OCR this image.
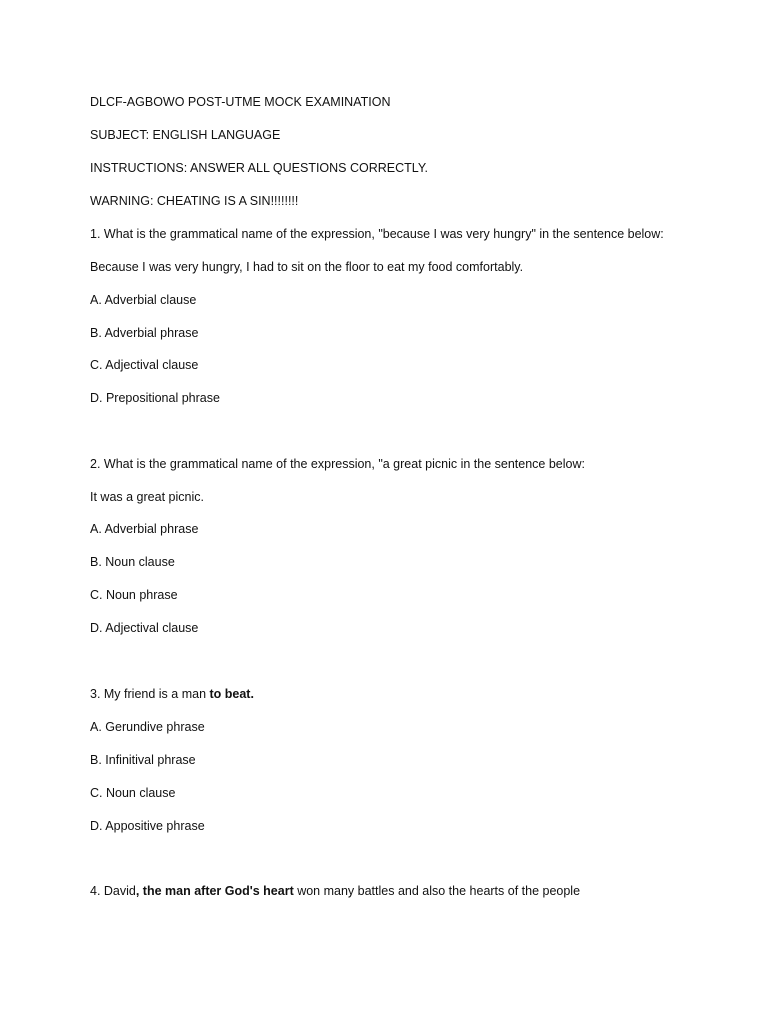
DLCF-AGBOWO POST-UTME MOCK EXAMINATION
SUBJECT: ENGLISH LANGUAGE
INSTRUCTIONS: ANSWER ALL QUESTIONS CORRECTLY.
WARNING: CHEATING IS A SIN!!!!!!!!
1. What is the grammatical name of the expression, "because I was very hungry" in the sentence below:
Because I was very hungry, I had to sit on the floor to eat my food comfortably.
A. Adverbial clause
B. Adverbial phrase
C. Adjectival clause
D. Prepositional phrase
2. What is the grammatical name of the expression, "a great picnic in the sentence below:
It was a great picnic.
A. Adverbial phrase
B. Noun clause
C. Noun phrase
D. Adjectival clause
3. My friend is a man to beat.
A. Gerundive phrase
B. Infinitival phrase
C. Noun clause
D. Appositive phrase
4. David, the man after God's heart won many battles and also the hearts of the people
